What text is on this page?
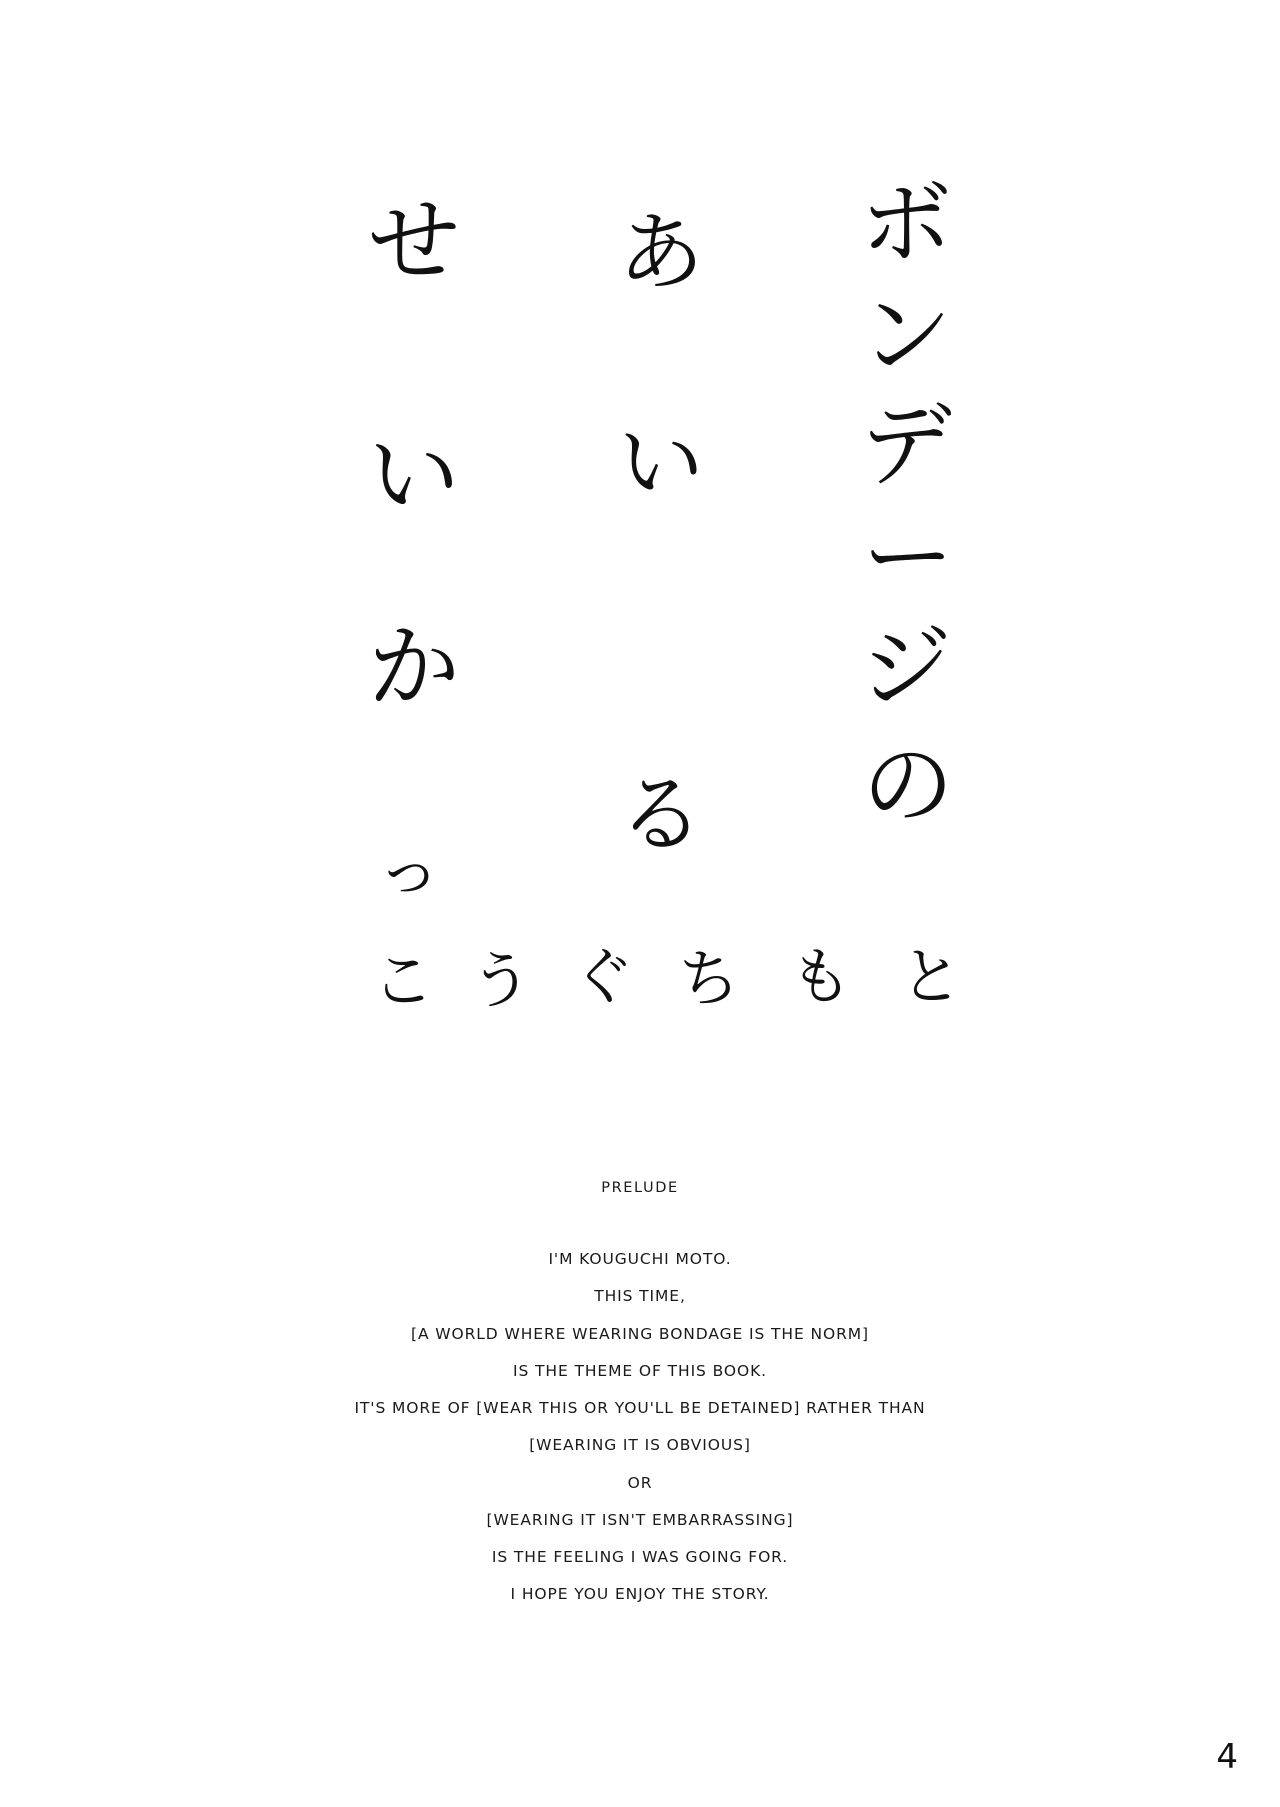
ボ
ン
デ
ー
ジ
の
あ
い
る
せ
い
か
っ
こ う ぐ ち も と

PRELUDE

I'M KOUGUCHI MOTO.

THIS TIME,

[A WORLD WHERE WEARING BONDAGE IS THE NORM]

IS THE THEME OF THIS BOOK.

IT'S MORE OF [WEAR THIS OR YOU'LL BE DETAINED] RATHER THAN

[WEARING IT IS OBVIOUS]

OR

[WEARING IT ISN'T EMBARRASSING]

IS THE FEELING I WAS GOING FOR.

I HOPE YOU ENJOY THE STORY.

4
